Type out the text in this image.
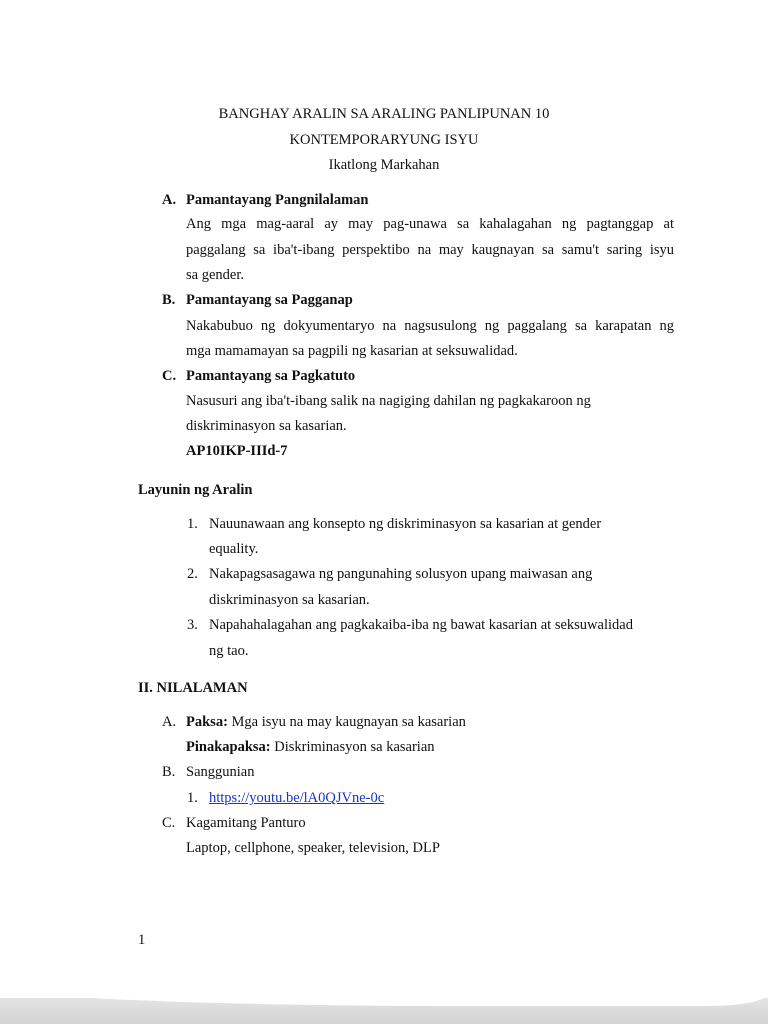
BANGHAY ARALIN SA ARALING PANLIPUNAN 10
KONTEMPORARYUNG ISYU
Ikatlong Markahan
A. Pamantayang Pangnilalaman
Ang mga mag-aaral ay may pag-unawa sa kahalagahan ng pagtanggap at
paggalang sa iba't-ibang perspektibo na may kaugnayan sa samu't saring isyu
sa gender.
B. Pamantayang sa Pagganap
Nakabubuo ng dokyumentaryo na nagsusulong ng paggalang sa karapatan ng
mga mamamayan sa pagpili ng kasarian at seksuwalidad.
C. Pamantayang sa Pagkatuto
Nasusuri ang iba't-ibang salik na nagiging dahilan ng pagkakaroon ng
diskriminasyon sa kasarian.
AP10IKP-IIId-7
Layunin ng Aralin
1. Nauunawaan ang konsepto ng diskriminasyon sa kasarian at gender
equality.
2. Nakapagsasagawa ng pangunahing solusyon upang maiwasan ang
diskriminasyon sa kasarian.
3. Napahahalagahan ang pagkakaiba-iba ng bawat kasarian at seksuwalidad
ng tao.
II. NILALAMAN
A. Paksa: Mga isyu na may kaugnayan sa kasarian
Pinakapaksa: Diskriminasyon sa kasarian
B. Sanggunian
1. https://youtu.be/lA0QJVne-0c
C. Kagamitang Panturo
Laptop, cellphone, speaker, television, DLP
1
